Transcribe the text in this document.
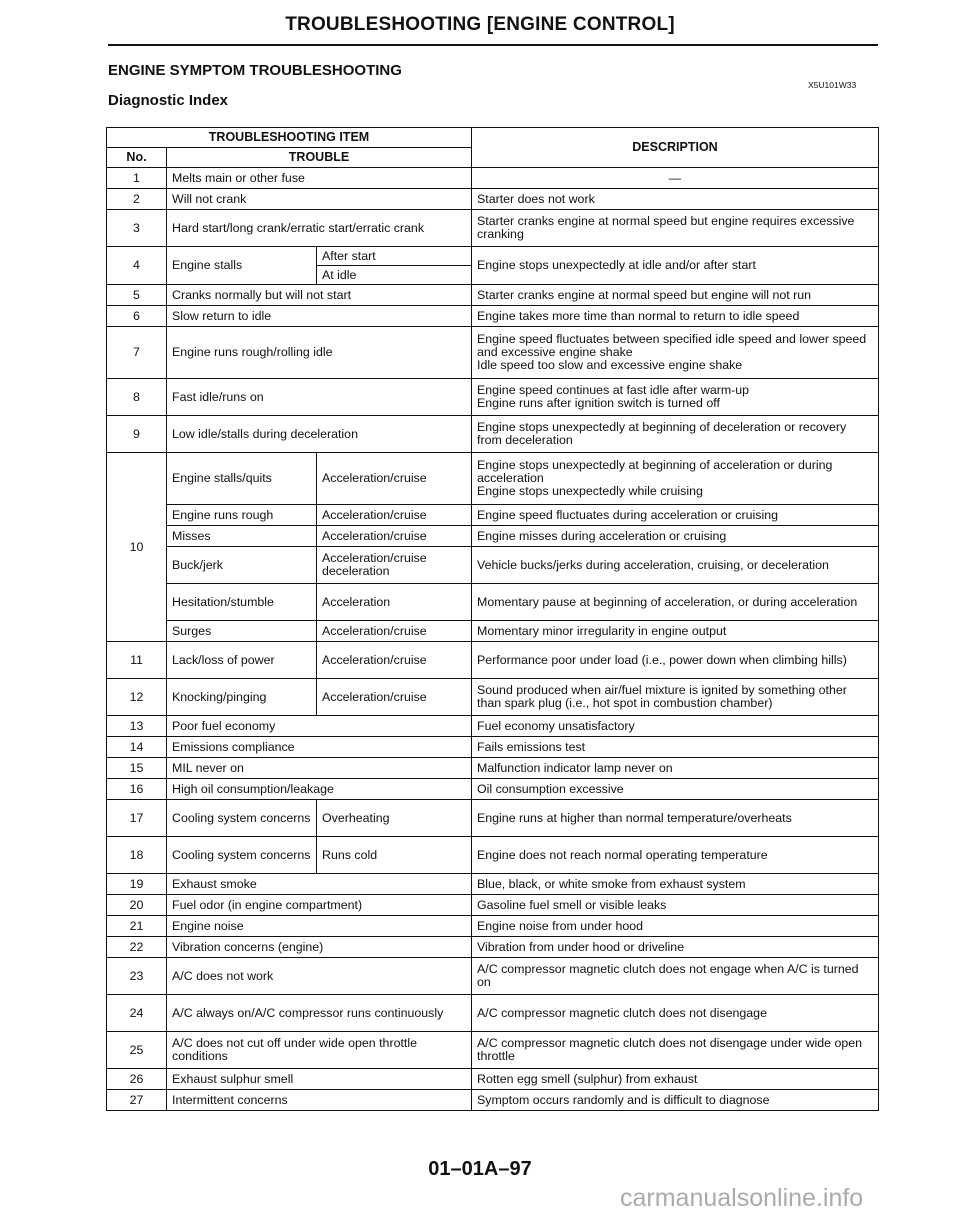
TROUBLESHOOTING [ENGINE CONTROL]
ENGINE SYMPTOM TROUBLESHOOTING
X5U101W33
Diagnostic Index
TROUBLESHOOTING ITEM			DESCRIPTION
No.	TROUBLE		
1	Melts main or other fuse		—
2	Will not crank		Starter does not work
3	Hard start/long crank/erratic start/erratic crank		Starter cranks engine at normal speed but engine requires excessive cranking
4	Engine stalls	After start	Engine stops unexpectedly at idle and/or after start
		At idle	
5	Cranks normally but will not start		Starter cranks engine at normal speed but engine will not run
6	Slow return to idle		Engine takes more time than normal to return to idle speed
7	Engine runs rough/rolling idle		Engine speed fluctuates between specified idle speed and lower speed and excessive engine shake
Idle speed too slow and excessive engine shake

8	Fast idle/runs on		Engine speed continues at fast idle after warm-up
Engine runs after ignition switch is turned off

9	Low idle/stalls during deceleration		Engine stops unexpectedly at beginning of deceleration or recovery from deceleration
10	Engine stalls/quits	Acceleration/cruise	Engine stops unexpectedly at beginning of acceleration or during acceleration
Engine stops unexpectedly while cruising

	Engine runs rough	Acceleration/cruise	Engine speed fluctuates during acceleration or cruising
	Misses	Acceleration/cruise	Engine misses during acceleration or cruising
	Buck/jerk	Acceleration/cruise deceleration	Vehicle bucks/jerks during acceleration, cruising, or deceleration
	Hesitation/stumble	Acceleration	Momentary pause at beginning of acceleration, or during acceleration
	Surges	Acceleration/cruise	Momentary minor irregularity in engine output
11	Lack/loss of power	Acceleration/cruise	Performance poor under load (i.e., power down when climbing hills)
12	Knocking/pinging	Acceleration/cruise	Sound produced when air/fuel mixture is ignited by something other than spark plug (i.e., hot spot in combustion chamber)
13	Poor fuel economy		Fuel economy unsatisfactory
14	Emissions compliance		Fails emissions test
15	MIL never on		Malfunction indicator lamp never on
16	High oil consumption/leakage		Oil consumption excessive
17	Cooling system concerns	Overheating	Engine runs at higher than normal temperature/overheats
18	Cooling system concerns	Runs cold	Engine does not reach normal operating temperature
19	Exhaust smoke		Blue, black, or white smoke from exhaust system
20	Fuel odor (in engine compartment)		Gasoline fuel smell or visible leaks
21	Engine noise		Engine noise from under hood
22	Vibration concerns (engine)		Vibration from under hood or driveline
23	A/C does not work		A/C compressor magnetic clutch does not engage when A/C is turned on
24	A/C always on/A/C compressor runs continuously		A/C compressor magnetic clutch does not disengage
25	A/C does not cut off under wide open throttle conditions		A/C compressor magnetic clutch does not disengage under wide open throttle
26	Exhaust sulphur smell		Rotten egg smell (sulphur) from exhaust
27	Intermittent concerns		Symptom occurs randomly and is difficult to diagnose
01–01A–97
carmanualsonline.info
